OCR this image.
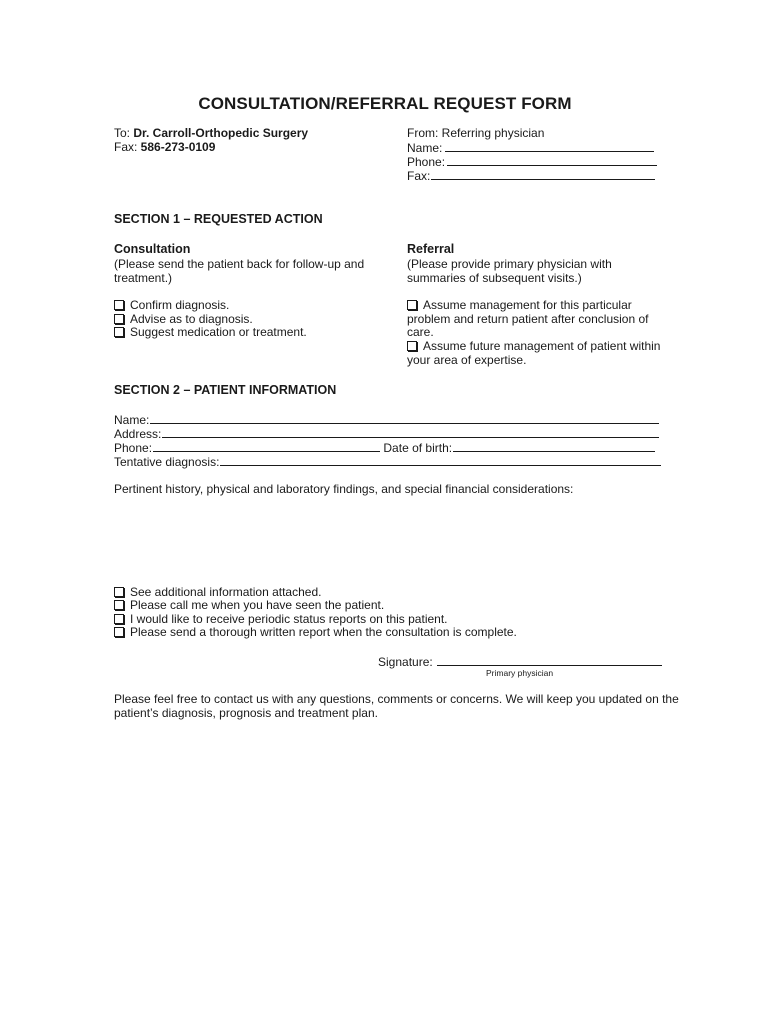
CONSULTATION/REFERRAL REQUEST FORM
To: Dr. Carroll-Orthopedic Surgery
Fax: 586-273-0109
From: Referring physician
Name:
Phone:
Fax:
SECTION 1 – REQUESTED ACTION
Consultation
(Please send the patient back for follow-up and
treatment.)
Confirm diagnosis.
Advise as to diagnosis.
Suggest medication or treatment.
Referral
(Please provide primary physician with
summaries of subsequent visits.)
Assume management for this particular
problem and return patient after conclusion of
care.
Assume future management of patient within
your area of expertise.
SECTION 2 – PATIENT INFORMATION
Name:
Address:
Phone:	Date of birth:
Tentative diagnosis:
Pertinent history, physical and laboratory findings, and special financial considerations:
See additional information attached.
Please call me when you have seen the patient.
I would like to receive periodic status reports on this patient.
Please send a thorough written report when the consultation is complete.
Signature:
Primary physician
Please feel free to contact us with any questions, comments or concerns. We will keep you updated on the
patient’s diagnosis, prognosis and treatment plan.
